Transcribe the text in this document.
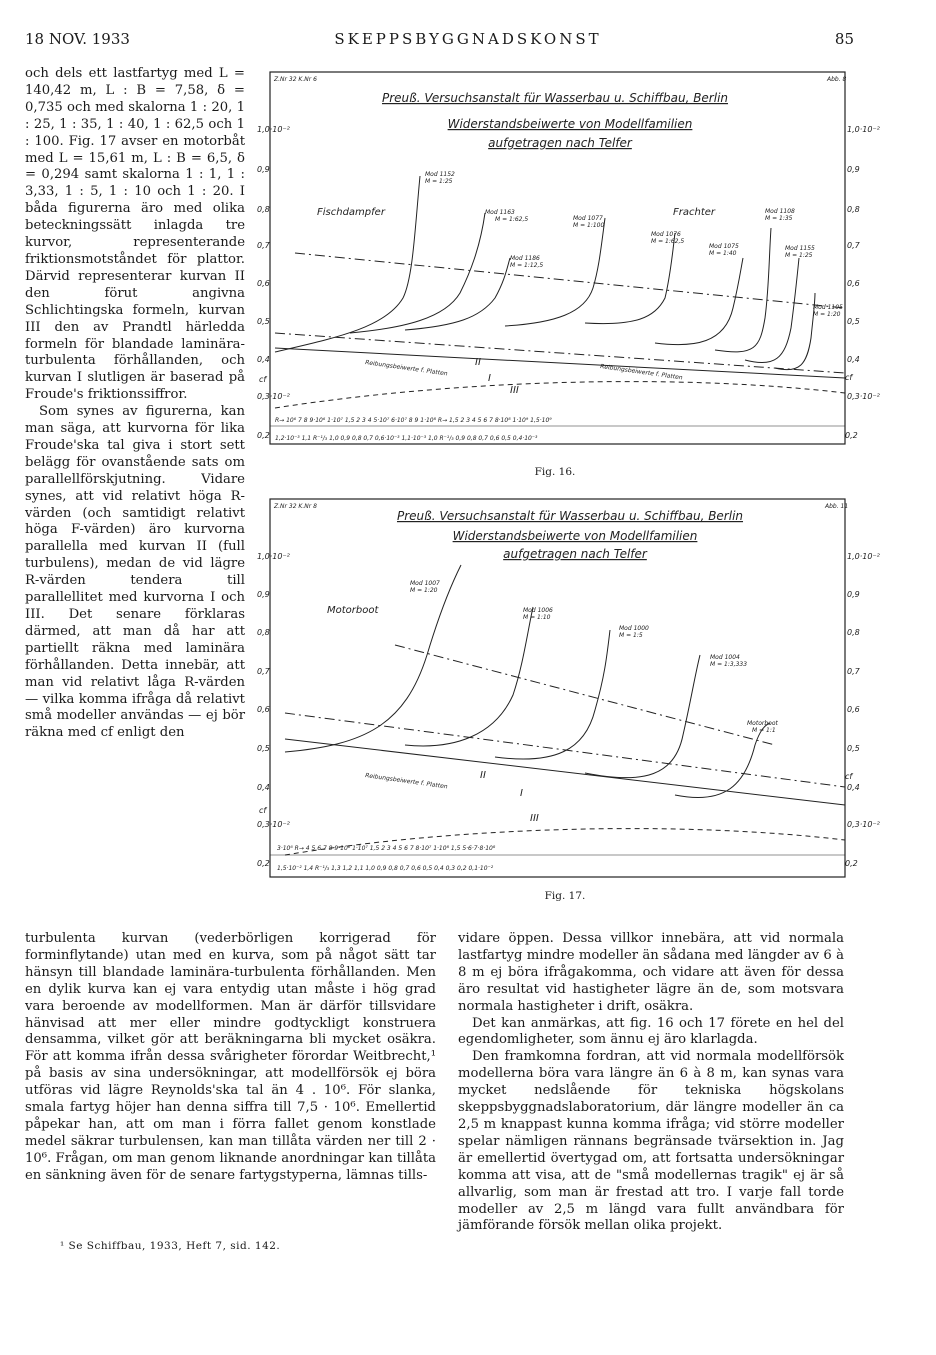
18 NOV. 1933	SKEPPSBYGGNADSKONST	85

och dels ett lastfartyg med L = 140,42 m, L : B = 7,58, δ = 0,735 och med skalorna 1 : 20, 1 : 25, 1 : 35, 1 : 40, 1 : 62,5 och 1 : 100. Fig. 17 avser en motorbåt med L = 15,61 m, L : B = 6,5, δ = 0,294 samt skalorna 1 : 1, 1 : 3,33, 1 : 5, 1 : 10 och 1 : 20. I båda figurerna äro med olika beteckningssätt inlagda tre kurvor, representerande friktionsmotståndet för plattor. Därvid representerar kurvan II den förut angivna Schlichtingska formeln, kurvan III den av Prandtl härledda formeln för blandade laminära-turbulenta förhållanden, och kurvan I slutligen är baserad på Froude's friktionssiffror.

Som synes av figurerna, kan man säga, att kurvorna för lika Froude'ska tal giva i stort sett belägg för ovanstående sats om parallellförskjutning. Vidare synes, att vid relativt höga R-värden (och samtidigt relativt höga F-värden) äro kurvorna parallella med kurvan II (full turbulens), medan de vid lägre R-värden tendera till parallellitet med kurvorna I och III. Det senare förklaras därmed, att man då har att partiellt räkna med laminära förhållanden. Detta innebär, att man vid relativt låga R-värden — vilka komma ifråga då relativt små modeller användas — ej bör räkna med cf enligt den

Z.Nr 32 K.Nr 6	Abb. 8
Preuß. Versuchsanstalt für Wasserbau u. Schiffbau, Berlin
Widerstandsbeiwerte von Modellfamilien
aufgetragen nach Telfer
1,0·10⁻²
0,9
0,8
0,7
0,6
0,5
0,4
0,3·10⁻²
0,2
1,0·10⁻²
0,9
0,8
0,7
0,6
0,5
0,4
0,3·10⁻²
0,2
cf	cf
Fischdampfer	Frachter
Mod 1152
M = 1:25
Mod 1163
M = 1:62,5
Mod 1186
M = 1:12,5
Mod 1077
M = 1:100
Mod 1076
M = 1:62,5
Mod 1075
M = 1:40
Mod 1108
M = 1:35
Mod 1155
M = 1:25
Mod 1105
M = 1:20
Reibungsbeiwerte f. Platten	Reibungsbeiwerte f. Platten
II
I
III
R→ 10⁶ 7 8 9·10⁶ 1·10⁷ 1,5 2 3 4 5·10⁷ 6·10⁷ 8 9 1·10⁸ R→ 1,5 2 3 4 5 6 7 8·10⁸ 1·10⁹ 1,5·10⁹
1,2·10⁻³ 1,1 R⁻¹/₃ 1,0 0,9 0,8 0,7 0,6·10⁻³ 1,1·10⁻³ 1,0 R⁻¹/₃ 0,9 0,8 0,7 0,6 0,5 0,4·10⁻³
Fig. 16.
Z.Nr 32 K.Nr 8	Abb. 11
Preuß. Versuchsanstalt für Wasserbau u. Schiffbau, Berlin
Widerstandsbeiwerte von Modellfamilien
aufgetragen nach Telfer
1,0·10⁻²
0,9
0,8
0,7
0,6
0,5
0,4
0,3·10⁻²
0,2
1,0·10⁻²
0,9
0,8
0,7
0,6
0,5
0,4
0,3·10⁻²
0,2
cf
cf
Motorboot
Mod 1007
M = 1:20
Mod 1006
M = 1:10
Mod 1000
M = 1:5
Mod 1004
M = 1:3,333
Motorboot
M = 1:1
Reibungsbeiwerte f. Platten	II
I
III
3·10⁶ R→ 4 5 6 7 8 9·10⁶ 1·10⁷ 1,5 2 3 4 5 6 7 8·10⁷ 1·10⁸ 1,5 5·6·7·8·10⁸
1,5·10⁻² 1,4 R⁻¹/₃ 1,3 1,2 1,1 1,0 0,9 0,8 0,7 0,6 0,5 0,4 0,3 0,2 0,1·10⁻²
Fig. 17.

turbulenta kurvan (vederbörligen korrigerad för forminflytande) utan med en kurva, som på något sätt tar hänsyn till blandade laminära-turbulenta förhållanden. Men en dylik kurva kan ej vara entydig utan måste i hög grad vara beroende av modellformen. Man är därför tillsvidare hänvisad att mer eller mindre godtyckligt konstruera densamma, vilket gör att beräkningarna bli mycket osäkra. För att komma ifrån dessa svårigheter förordar Weitbrecht,¹ på basis av sina undersökningar, att modellförsök ej böra utföras vid lägre Reynolds'ska tal än 4 . 10⁶. För slanka, smala fartyg höjer han denna siffra till 7,5 · 10⁶. Emellertid påpekar han, att om man i förra fallet genom konstlade medel säkrar turbulensen, kan man tillåta värden ner till 2 · 10⁶. Frågan, om man genom liknande anordningar kan tillåta en sänkning även för de senare fartygstyperna, lämnas tills-

vidare öppen. Dessa villkor innebära, att vid normala lastfartyg mindre modeller än sådana med längder av 6 à 8 m ej böra ifrågakomma, och vidare att även för dessa äro resultat vid hastigheter lägre än de, som motsvara normala hastigheter i drift, osäkra.

Det kan anmärkas, att fig. 16 och 17 förete en hel del egendomligheter, som ännu ej äro klarlagda.

Den framkomna fordran, att vid normala modellförsök modellerna böra vara längre än 6 à 8 m, kan synas vara mycket nedslående för tekniska högskolans skeppsbyggnadslaboratorium, där längre modeller än ca 2,5 m knappast kunna komma ifråga; vid större modeller spelar nämligen rännans begränsade tvärsektion in. Jag är emellertid övertygad om, att fortsatta undersökningar komma att visa, att de "små modellernas tragik" ej är så allvarlig, som man är frestad att tro. I varje fall torde modeller av 2,5 m längd vara fullt användbara för jämförande försök mellan olika projekt.

¹ Se Schiffbau, 1933, Heft 7, sid. 142.
